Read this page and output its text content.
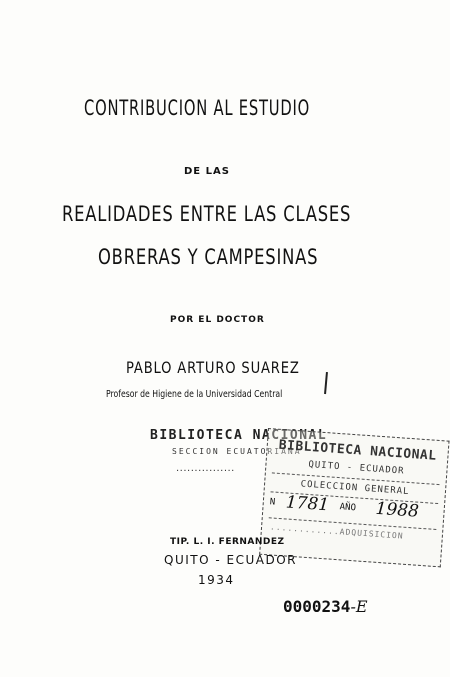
CONTRIBUCION AL ESTUDIO
DE LAS
REALIDADES ENTRE LAS CLASES
OBRERAS Y CAMPESINAS
POR EL DOCTOR
PABLO ARTURO SUAREZ
Profesor de Higiene de la Universidad Central
BIBLIOTECA NACIONAL
SECCION ECUATORIANA
................
BIBLIOTECA NACIONAL
QUITO - ECUADOR
COLECCION GENERAL
N 1781 AÑO 1988
............ADQUISICION
TIP. L. I. FERNANDEZ
QUITO - ECUADOR
1934
0000234-E
